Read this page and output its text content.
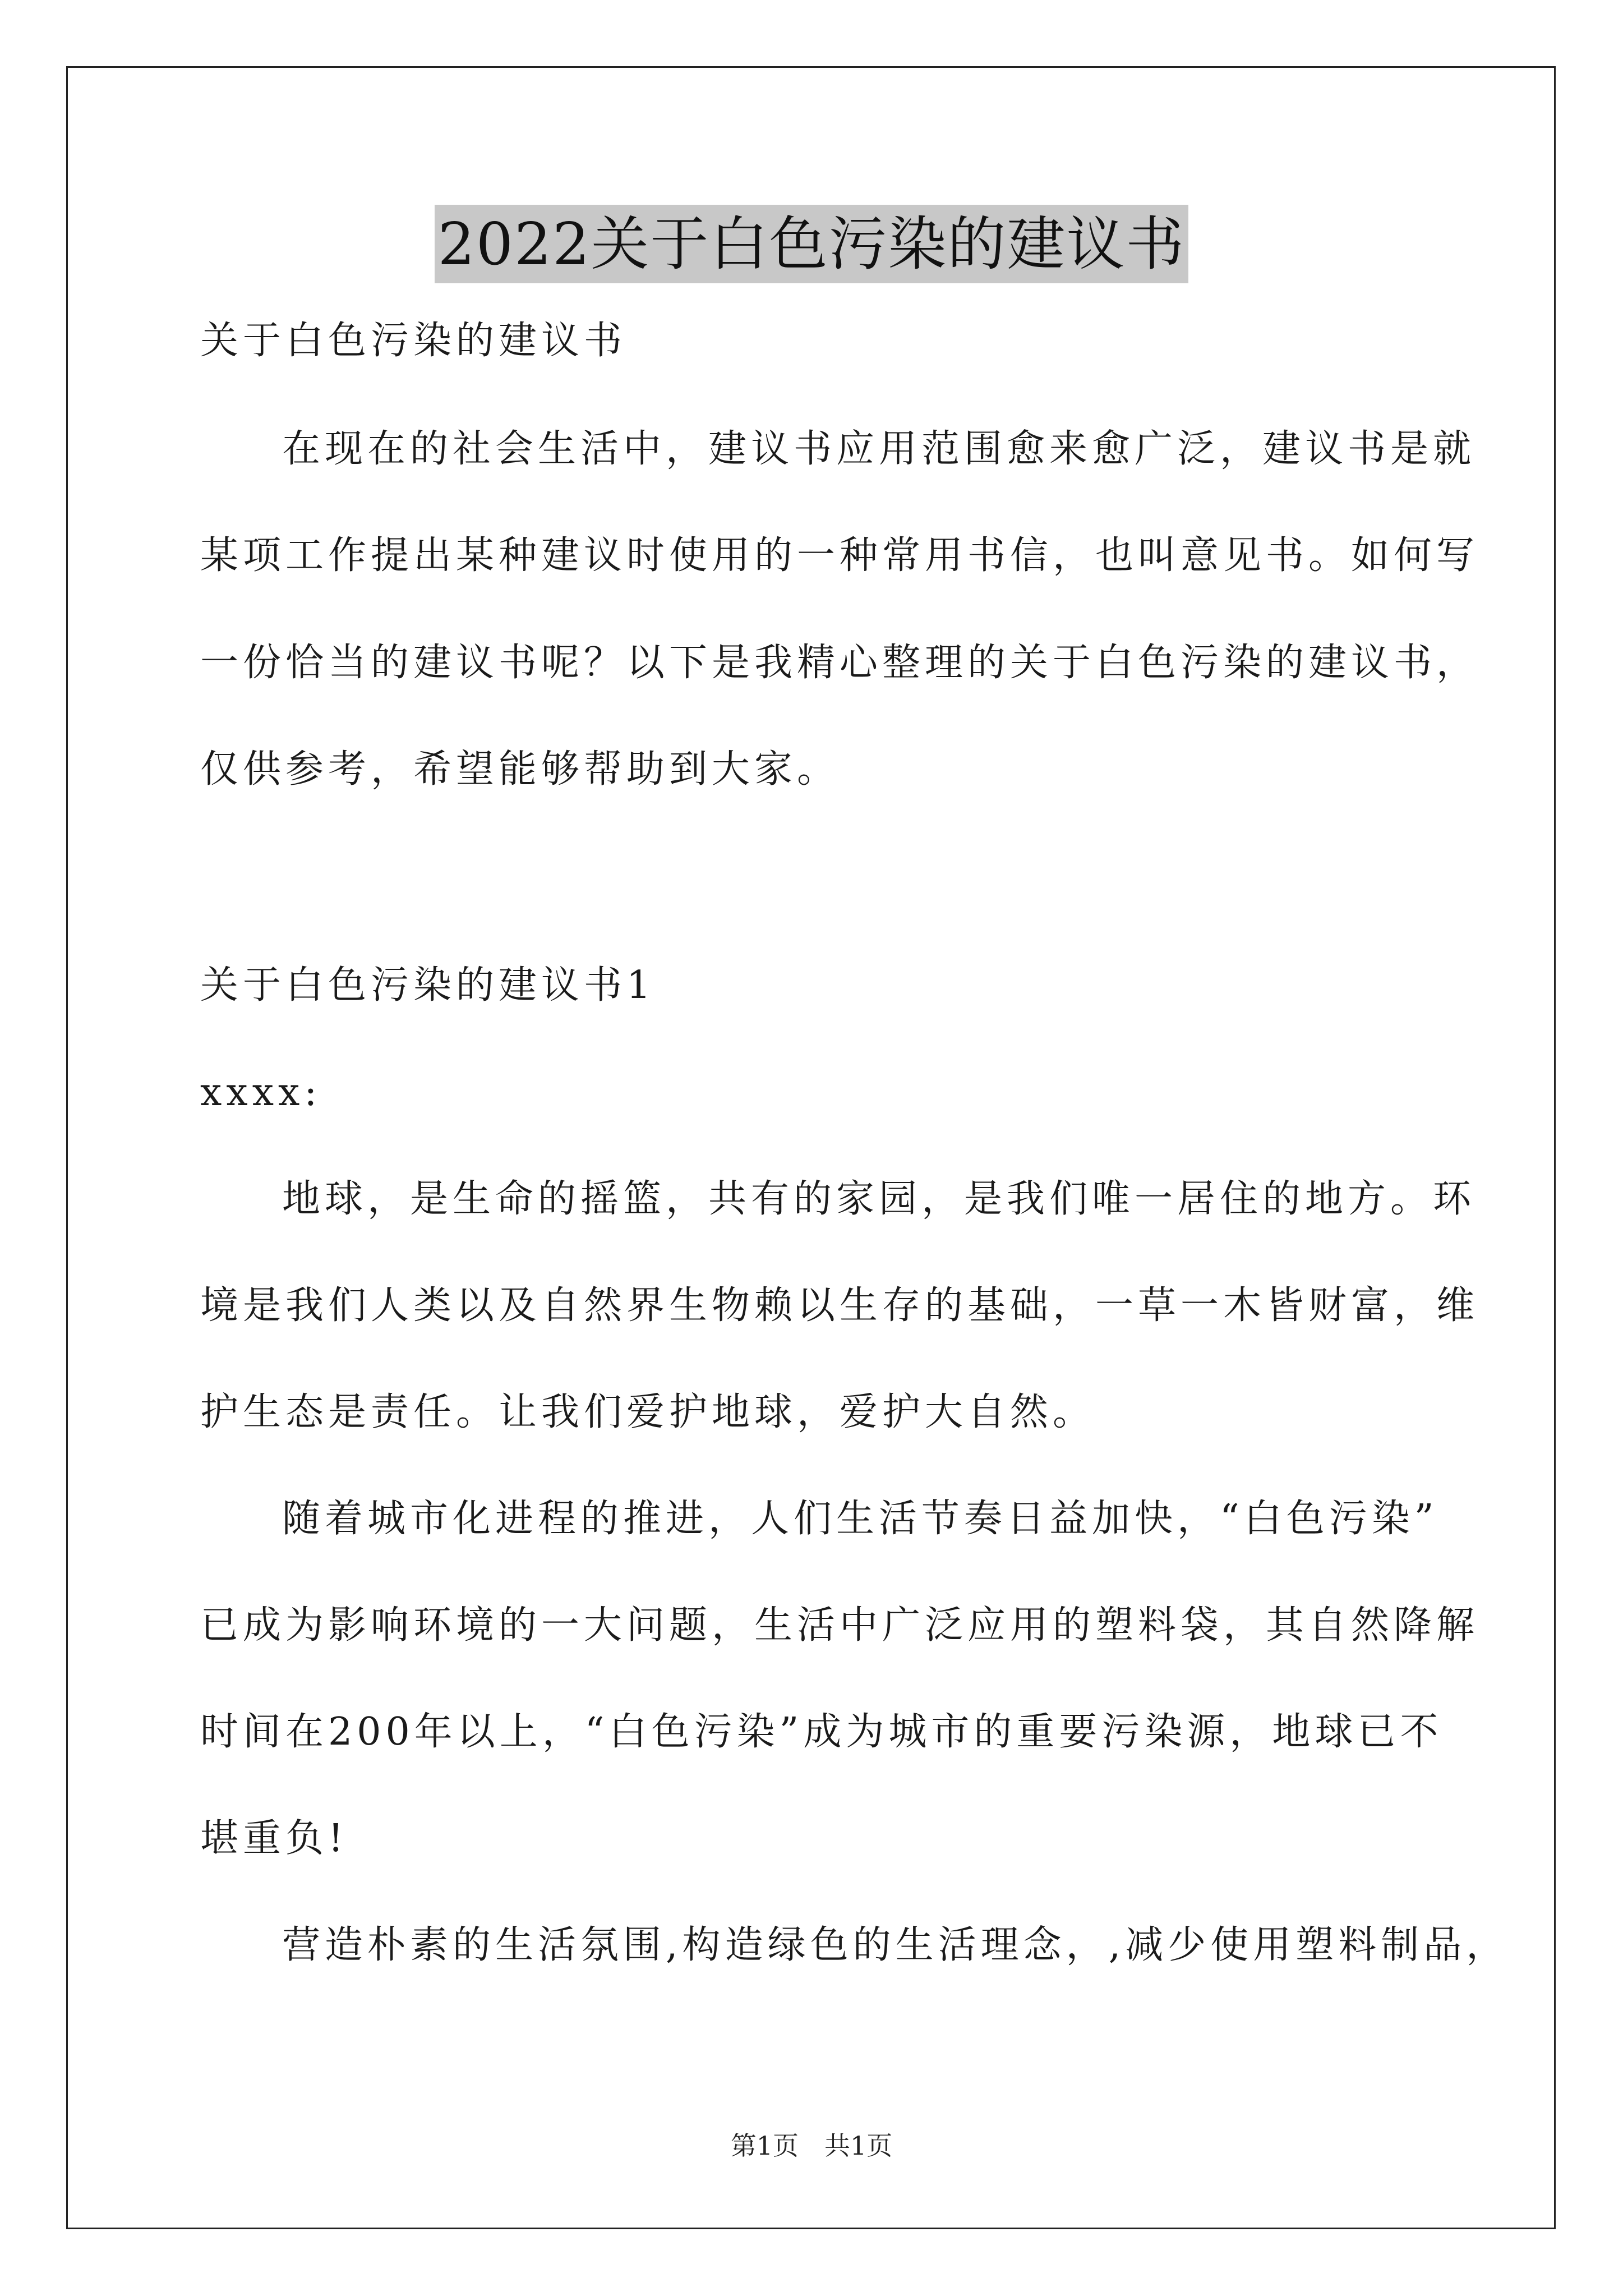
2022关于白色污染的建议书
关于白色污染的建议书
在现在的社会生活中，建议书应用范围愈来愈广泛，建议书是就
某项工作提出某种建议时使用的一种常用书信，也叫意见书。如何写
一份恰当的建议书呢？以下是我精心整理的关于白色污染的建议书，
仅供参考，希望能够帮助到大家。
关于白色污染的建议书1
xxxx:
地球，是生命的摇篮，共有的家园，是我们唯一居住的地方。环
境是我们人类以及自然界生物赖以生存的基础，一草一木皆财富，维
护生态是责任。让我们爱护地球，爱护大自然。
随着城市化进程的推进，人们生活节奏日益加快，“白色污染”
已成为影响环境的一大问题，生活中广泛应用的塑料袋，其自然降解
时间在200年以上，“白色污染”成为城市的重要污染源，地球已不
堪重负!
营造朴素的生活氛围,构造绿色的生活理念，,减少使用塑料制品，
第1页　共1页
